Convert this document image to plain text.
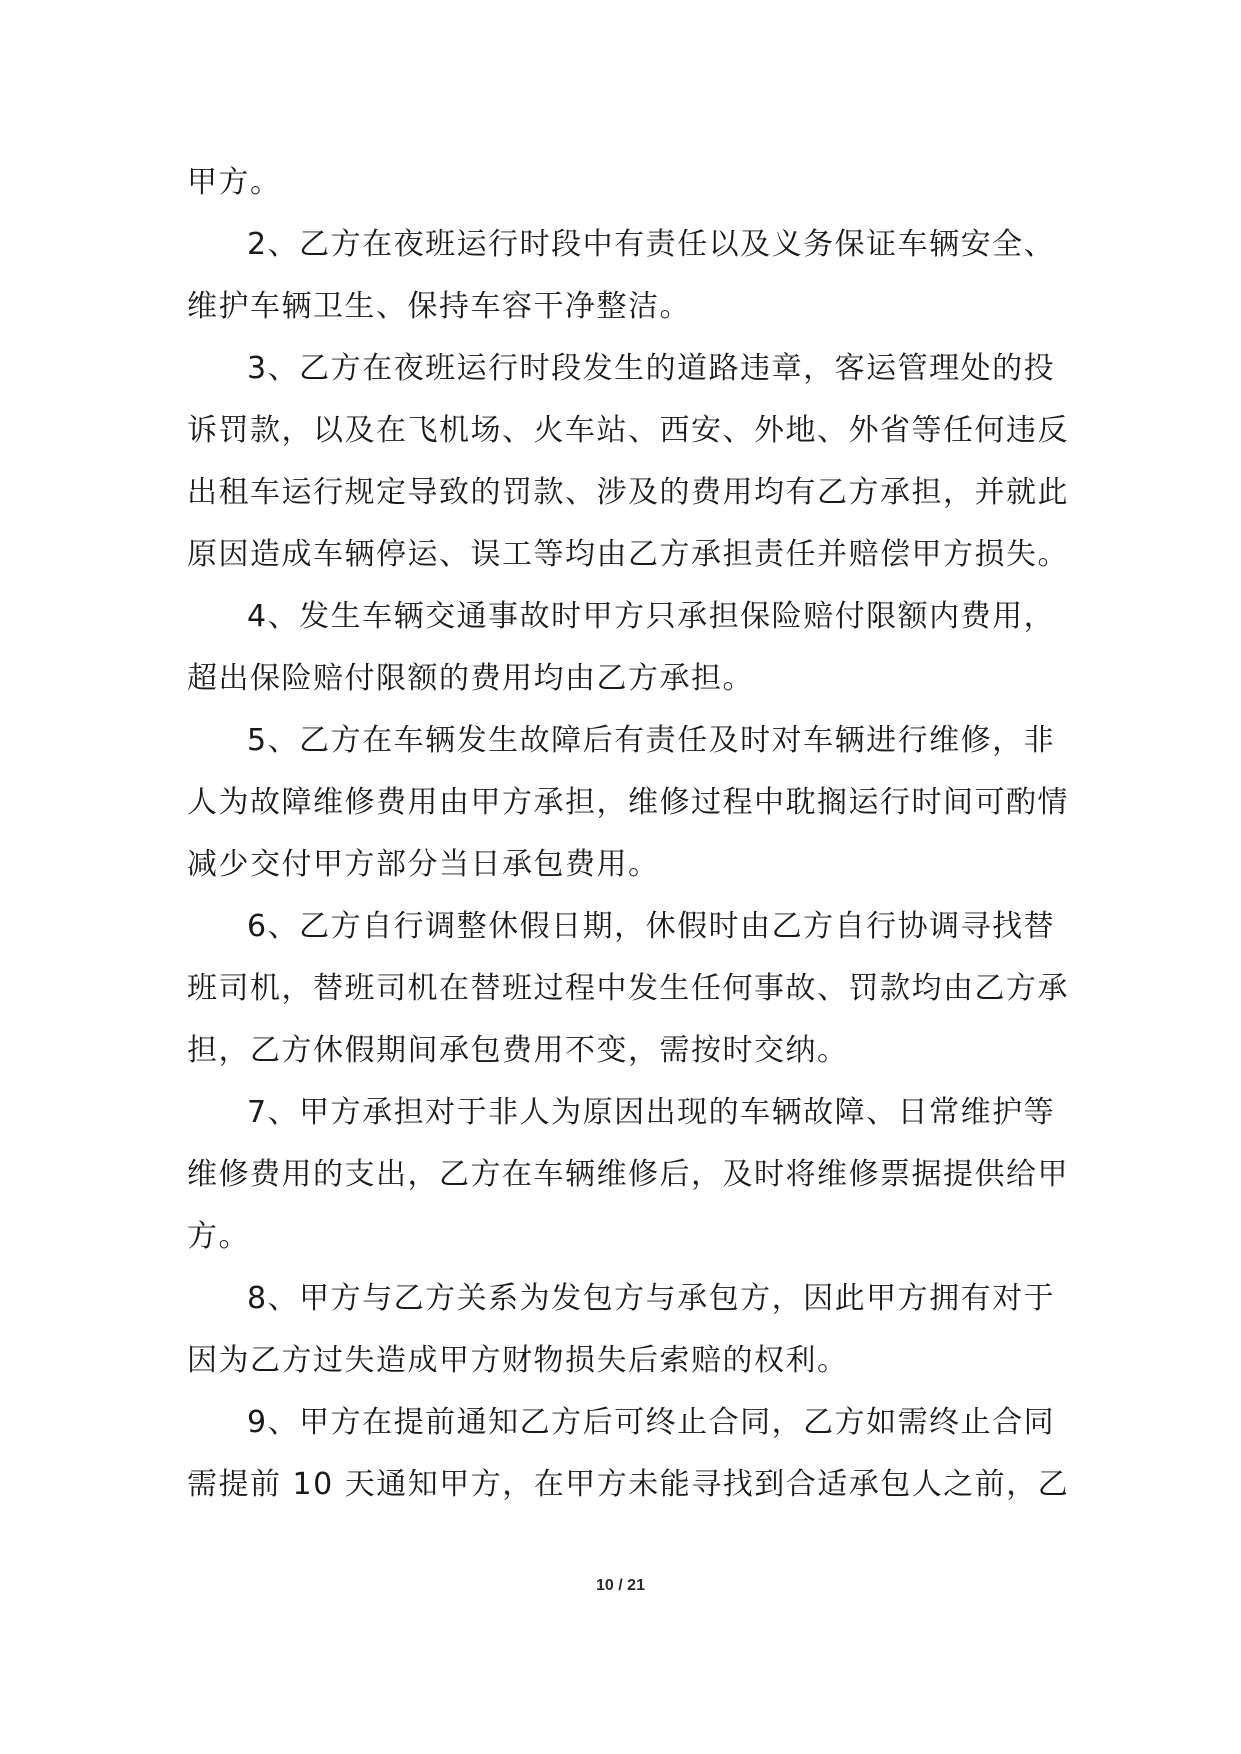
甲方。
2、乙方在夜班运行时段中有责任以及义务保证车辆安全、
维护车辆卫生、保持车容干净整洁。
3、乙方在夜班运行时段发生的道路违章，客运管理处的投
诉罚款，以及在飞机场、火车站、西安、外地、外省等任何违反
出租车运行规定导致的罚款、涉及的费用均有乙方承担，并就此
原因造成车辆停运、误工等均由乙方承担责任并赔偿甲方损失。
4、发生车辆交通事故时甲方只承担保险赔付限额内费用，
超出保险赔付限额的费用均由乙方承担。
5、乙方在车辆发生故障后有责任及时对车辆进行维修，非
人为故障维修费用由甲方承担，维修过程中耽搁运行时间可酌情
减少交付甲方部分当日承包费用。
6、乙方自行调整休假日期，休假时由乙方自行协调寻找替
班司机，替班司机在替班过程中发生任何事故、罚款均由乙方承
担，乙方休假期间承包费用不变，需按时交纳。
7、甲方承担对于非人为原因出现的车辆故障、日常维护等
维修费用的支出，乙方在车辆维修后，及时将维修票据提供给甲
方。
8、甲方与乙方关系为发包方与承包方，因此甲方拥有对于
因为乙方过失造成甲方财物损失后索赔的权利。
9、甲方在提前通知乙方后可终止合同，乙方如需终止合同
需提前 10 天通知甲方，在甲方未能寻找到合适承包人之前，乙
10 / 21
